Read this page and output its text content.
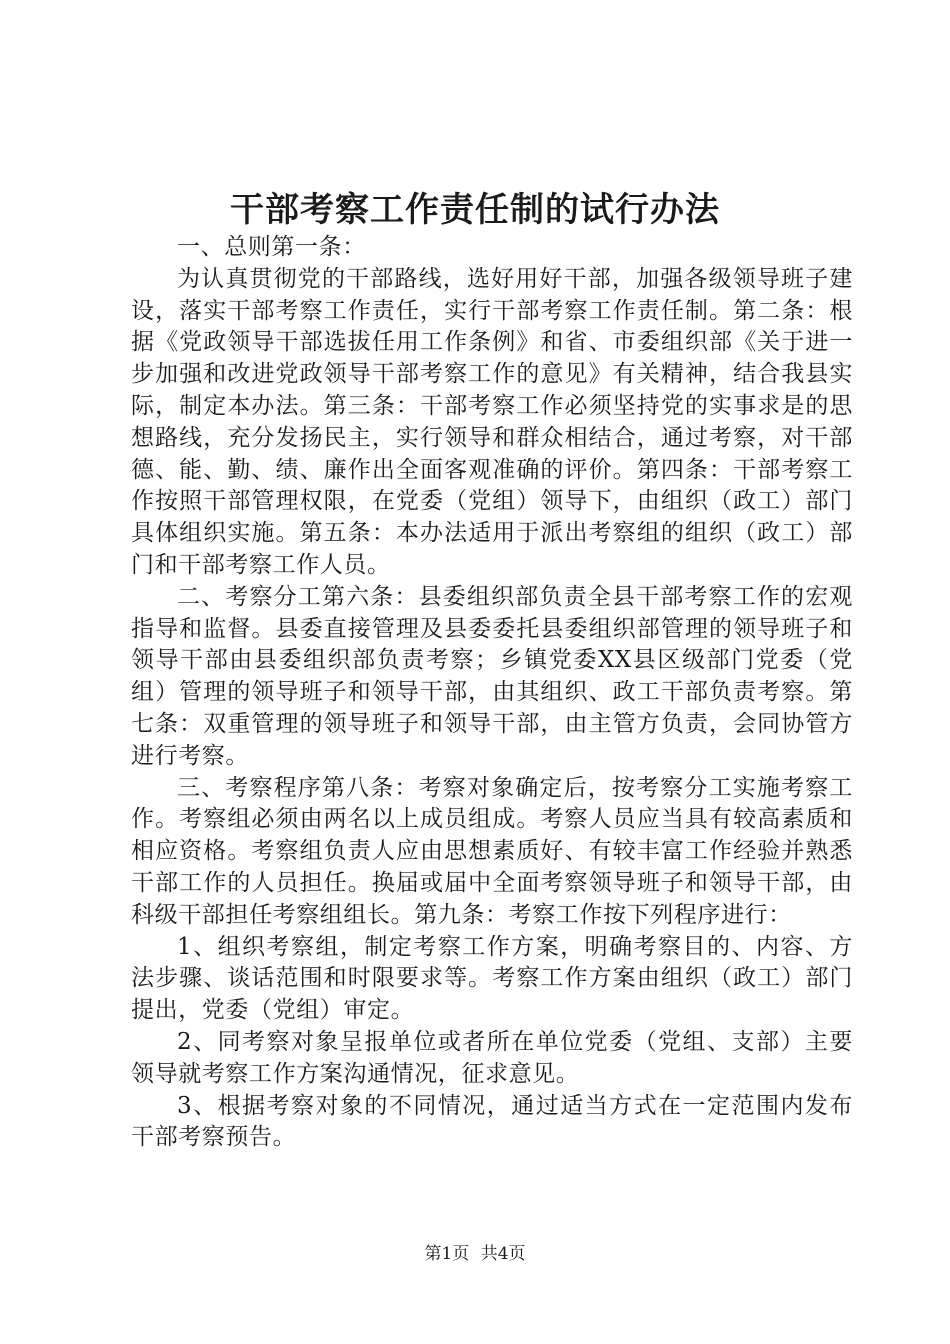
干部考察工作责任制的试行办法

一、总则第一条：

为认真贯彻党的干部路线，选好用好干部，加强各级领导班子建设，落实干部考察工作责任，实行干部考察工作责任制。第二条：根据《党政领导干部选拔任用工作条例》和省、市委组织部《关于进一步加强和改进党政领导干部考察工作的意见》有关精神，结合我县实际，制定本办法。第三条：干部考察工作必须坚持党的实事求是的思想路线，充分发扬民主，实行领导和群众相结合，通过考察，对干部德、能、勤、绩、廉作出全面客观准确的评价。第四条：干部考察工作按照干部管理权限，在党委（党组）领导下，由组织（政工）部门具体组织实施。第五条：本办法适用于派出考察组的组织（政工）部门和干部考察工作人员。

二、考察分工第六条：县委组织部负责全县干部考察工作的宏观指导和监督。县委直接管理及县委委托县委组织部管理的领导班子和领导干部由县委组织部负责考察；乡镇党委XX县区级部门党委（党组）管理的领导班子和领导干部，由其组织、政工干部负责考察。第七条：双重管理的领导班子和领导干部，由主管方负责，会同协管方进行考察。

三、考察程序第八条：考察对象确定后，按考察分工实施考察工作。考察组必须由两名以上成员组成。考察人员应当具有较高素质和相应资格。考察组负责人应由思想素质好、有较丰富工作经验并熟悉干部工作的人员担任。换届或届中全面考察领导班子和领导干部，由科级干部担任考察组组长。第九条：考察工作按下列程序进行：

1、组织考察组，制定考察工作方案，明确考察目的、内容、方法步骤、谈话范围和时限要求等。考察工作方案由组织（政工）部门提出，党委（党组）审定。

2、同考察对象呈报单位或者所在单位党委（党组、支部）主要领导就考察工作方案沟通情况，征求意见。

3、根据考察对象的不同情况，通过适当方式在一定范围内发布干部考察预告。

第1页 共4页
